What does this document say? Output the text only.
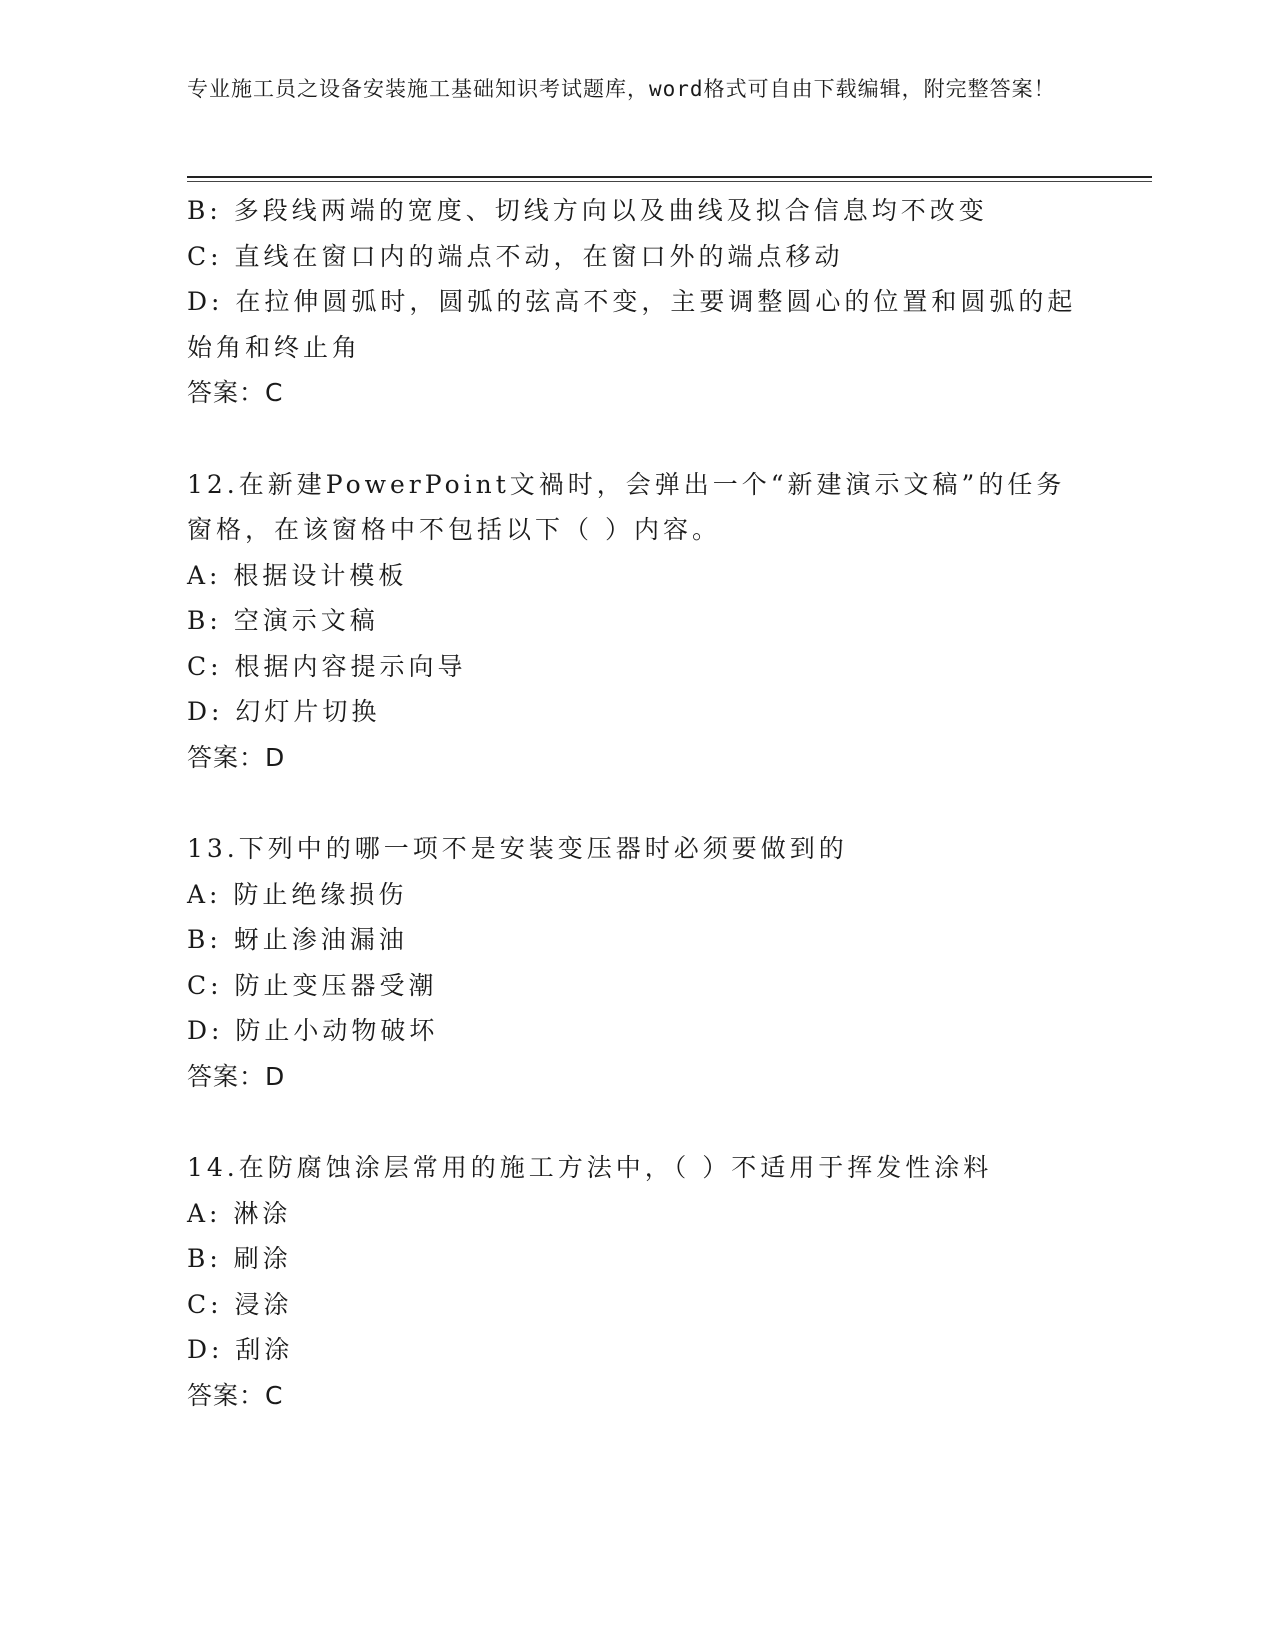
专业施工员之设备安装施工基础知识考试题库，word格式可自由下载编辑，附完整答案！
B: 多段线两端的宽度、切线方向以及曲线及拟合信息均不改变
C: 直线在窗口内的端点不动，在窗口外的端点移动
D: 在拉伸圆弧时，圆弧的弦高不变，主要调整圆心的位置和圆弧的起始角和终止角
答案：C
12.在新建PowerPoint文禍时，会弹出一个“新建演示文稿”的任务窗格，在该窗格中不包括以下（ ）内容。
A: 根据设计模板
B: 空演示文稿
C: 根据内容提示向导
D: 幻灯片切换
答案：D
13.下列中的哪一项不是安装变压器时必须要做到的
A: 防止绝缘损伤
B: 蚜止渗油漏油
C: 防止变压器受潮
D: 防止小动物破坏
答案：D
14.在防腐蚀涂层常用的施工方法中，（ ）不适用于挥发性涂料
A: 淋涂
B: 刷涂
C: 浸涂
D: 刮涂
答案：C
